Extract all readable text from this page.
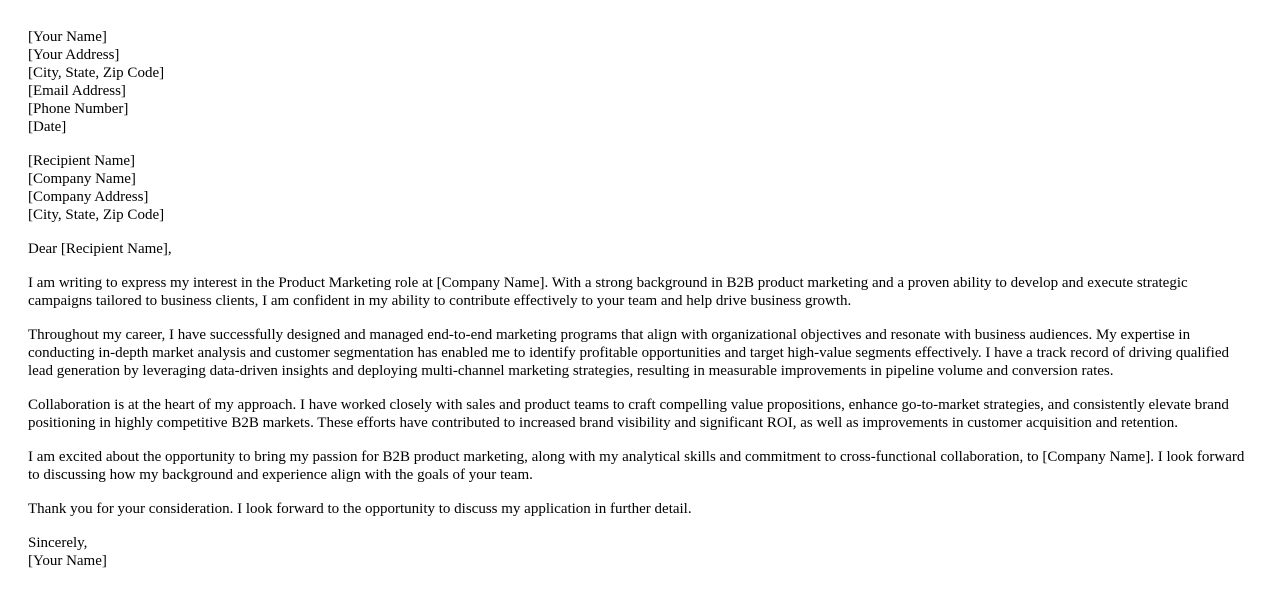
[Your Name]
[Your Address]
[City, State, Zip Code]
[Email Address]
[Phone Number]
[Date]
[Recipient Name]
[Company Name]
[Company Address]
[City, State, Zip Code]

Dear [Recipient Name],

I am writing to express my interest in the Product Marketing role at [Company Name]. With a strong background in B2B product marketing and a proven ability to develop and execute strategic campaigns tailored to business clients, I am confident in my ability to contribute effectively to your team and help drive business growth.

Throughout my career, I have successfully designed and managed end-to-end marketing programs that align with organizational objectives and resonate with business audiences. My expertise in conducting in-depth market analysis and customer segmentation has enabled me to identify profitable opportunities and target high-value segments effectively. I have a track record of driving qualified lead generation by leveraging data-driven insights and deploying multi-channel marketing strategies, resulting in measurable improvements in pipeline volume and conversion rates.

Collaboration is at the heart of my approach. I have worked closely with sales and product teams to craft compelling value propositions, enhance go-to-market strategies, and consistently elevate brand positioning in highly competitive B2B markets. These efforts have contributed to increased brand visibility and significant ROI, as well as improvements in customer acquisition and retention.

I am excited about the opportunity to bring my passion for B2B product marketing, along with my analytical skills and commitment to cross-functional collaboration, to [Company Name]. I look forward to discussing how my background and experience align with the goals of your team.

Thank you for your consideration. I look forward to the opportunity to discuss my application in further detail.

Sincerely,
[Your Name]
